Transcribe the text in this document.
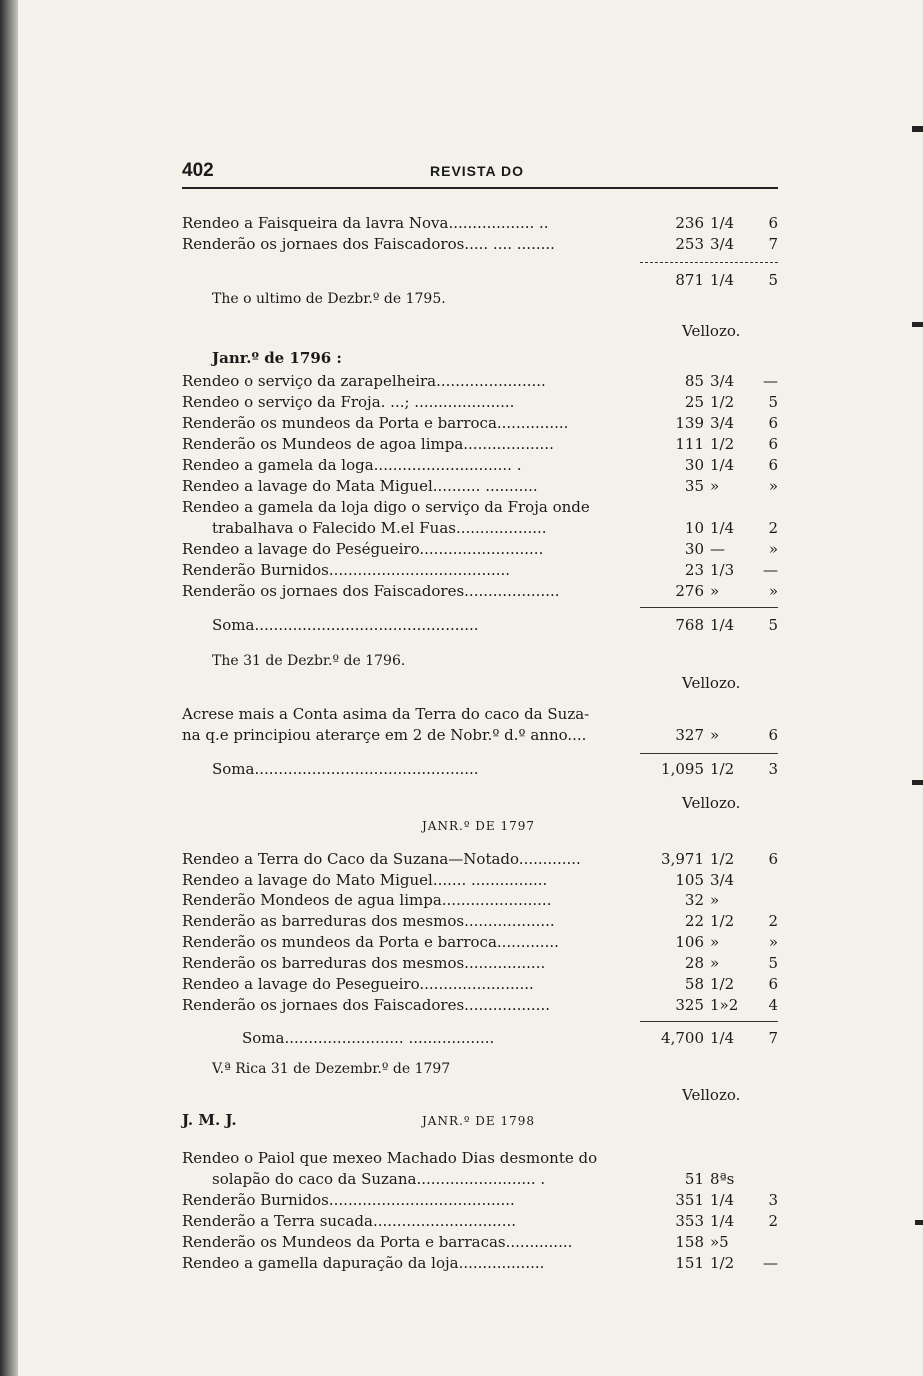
402	REVISTA DO
Rendeo a Faisqueira da lavra Nova.................. ..	236 1/4	6
Renderão os jornaes dos Faiscadoros..... .... ........	253 3/4	7
871 1/4	5
The o ultimo de Dezbr.º de 1795.
Vellozo.
Janr.º de 1796 :
Rendeo o serviço da zarapelheira.......................	85 3/4	—
Rendeo o serviço da Froja. ...; .....................	25 1/2	5
Renderão os mundeos da Porta e barroca...............	139 3/4	6
Renderão os Mundeos de agoa limpa...................	111 1/2	6
Rendeo a gamela da loga............................. .	30 1/4	6
Rendeo a lavage do Mata Miguel.......... ...........	35 »	»
Rendeo a gamela da loja digo o serviço da Froja onde
trabalhava o Falecido M.el Fuas...................	10 1/4	2
Rendeo a lavage do Peségueiro..........................	30 —	»
Renderão Burnidos......................................	23 1/3	—
Renderão os jornaes dos Faiscadores....................	276 »	»
Soma...............................................	768 1/4	5
The 31 de Dezbr.º de 1796.
Vellozo.
Acrese mais a Conta asima da Terra do caco da Suza-
na q.e principiou aterarçe em 2 de Nobr.º d.º anno....	327 »	6
Soma...............................................	1,095 1/2	3
Vellozo.
JANR.º DE 1797
Rendeo a Terra do Caco da Suzana—Notado.............	3,971 1/2	6
Rendeo a lavage do Mato Miguel....... ................	105 3/4
Renderão Mondeos de agua limpa.......................	32 »
Renderão as barreduras dos mesmos...................	22 1/2	2
Renderão os mundeos da Porta e barroca.............	106 »	»
Renderão os barreduras dos mesmos.................	28 »	5
Rendeo a lavage do Pesegueiro........................	58 1/2	6
Renderão os jornaes dos Faiscadores..................	325 1»2	4
Soma......................... ..................	4,700 1/4	7
V.ª Rica 31 de Dezembr.º de 1797
Vellozo.
J. M. J.	JANR.º DE 1798
Rendeo o Paiol que mexeo Machado Dias desmonte do
solapão do caco da Suzana......................... .	51 8ªs
Renderão Burnidos.......................................	351 1/4	3
Renderão a Terra sucada..............................	353 1/4	2
Renderão os Mundeos da Porta e barracas..............	158 »5
Rendeo a gamella dapuração da loja..................	151 1/2	—
